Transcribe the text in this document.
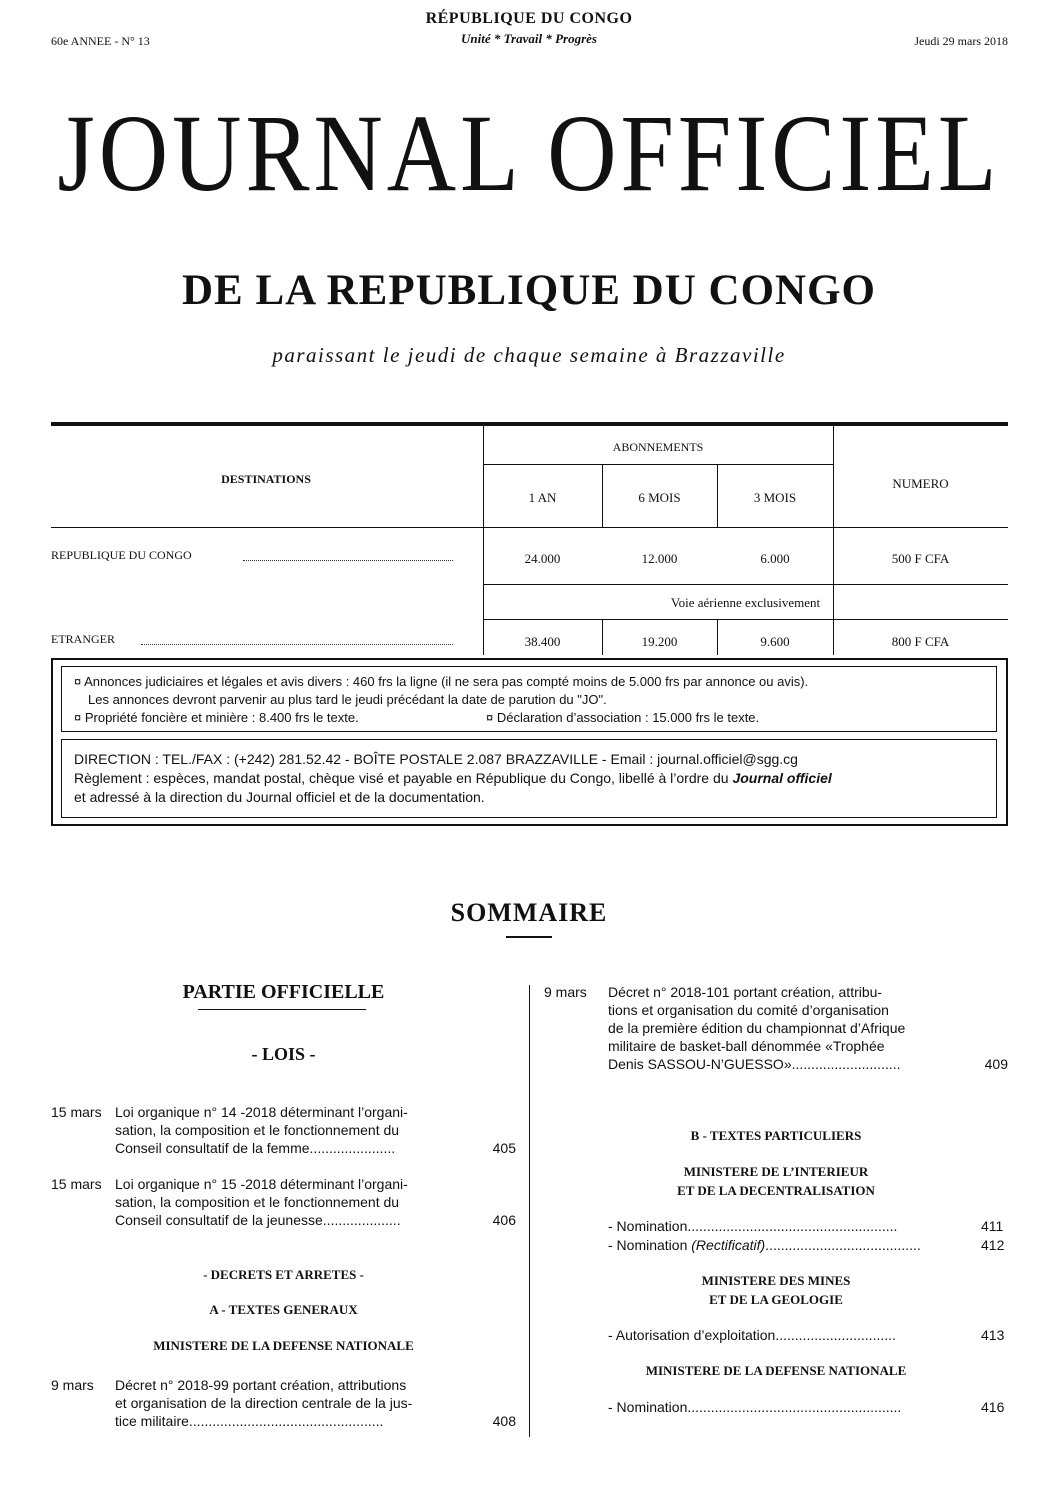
60e ANNEE - N° 13	Jeudi 29 mars 2018
RÉPUBLIQUE DU CONGO
Unité * Travail * Progrès
JOURNAL OFFICIEL
DE LA REPUBLIQUE DU CONGO
paraissant le jeudi de chaque semaine à Brazzaville
DESTINATIONS
ABONNEMENTS
1 AN	6 MOIS	3 MOIS
NUMERO
REPUBLIQUE DU CONGO	24.000	12.000	6.000	500 F CFA
Voie aérienne exclusivement
ETRANGER	38.400	19.200	9.600	800 F CFA
¤ Annonces judiciaires et légales et avis divers : 460 frs la ligne (il ne sera pas compté moins de 5.000 frs par annonce ou avis).
Les annonces devront parvenir au plus tard le jeudi précédant la date de parution du "JO".
¤ Propriété foncière et minière : 8.400 frs le texte.	¤ Déclaration d’association : 15.000 frs le texte.
DIRECTION : TEL./FAX : (+242) 281.52.42 - BOÎTE POSTALE 2.087 BRAZZAVILLE - Email : journal.officiel@sgg.cg
Règlement : espèces, mandat postal, chèque visé et payable en République du Congo, libellé à l’ordre du Journal officiel
et adressé à la direction du Journal officiel et de la documentation.
SOMMAIRE
PARTIE OFFICIELLE
- LOIS -
15 mars Loi organique n° 14 -2018 déterminant l’organi-
sation, la composition et le fonctionnement du
Conseil consultatif de la femme......................	405
15 mars Loi organique n° 15 -2018 déterminant l’organi-
sation, la composition et le fonctionnement du
Conseil consultatif de la jeunesse....................	406
- DECRETS ET ARRETES -
A - TEXTES GENERAUX
MINISTERE DE LA DEFENSE NATIONALE
9 mars Décret n° 2018-99 portant création, attributions
et organisation de la direction centrale de la jus-
tice militaire..................................................	408
9 mars Décret n° 2018-101 portant création, attribu-
tions et organisation du comité d’organisation
de la première édition du championnat d’Afrique
militaire de basket-ball dénommée «Trophée
Denis SASSOU-N’GUESSO»............................	409
B - TEXTES PARTICULIERS
MINISTERE DE L’INTERIEUR
ET DE LA DECENTRALISATION
- Nomination......................................................	411
- Nomination (Rectificatif)........................................	412
MINISTERE DES MINES
ET DE LA GEOLOGIE
- Autorisation d’exploitation...............................	413
MINISTERE DE LA DEFENSE NATIONALE
- Nomination.......................................................	416
